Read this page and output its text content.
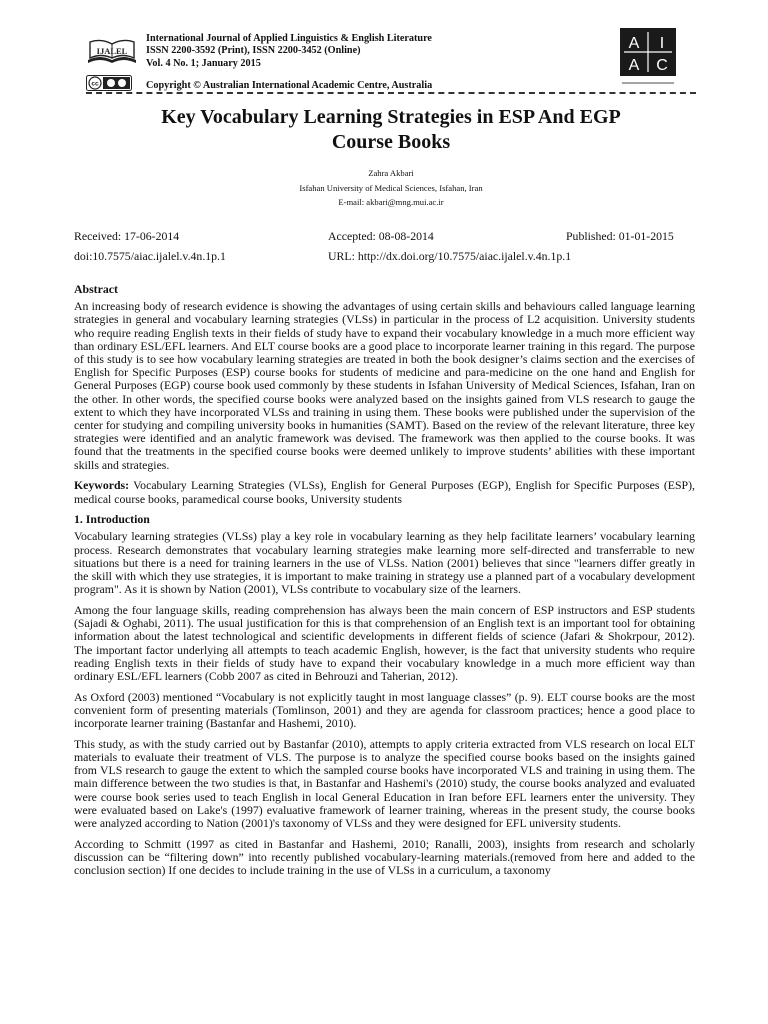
IJALEL
International Journal of Applied Linguistics & English Literature
ISSN 2200-3592 (Print), ISSN 2200-3452 (Online)
Vol. 4 No. 1; January 2015
cc	Copyright © Australian International Academic Centre, Australia
A I
A C
Key Vocabulary Learning Strategies in ESP And EGP
Course Books
Zahra Akbari
Isfahan University of Medical Sciences, Isfahan, Iran
E-mail: akbari@mng.mui.ac.ir
Received: 17-06-2014	Accepted: 08-08-2014	Published: 01-01-2015
doi:10.7575/aiac.ijalel.v.4n.1p.1	URL: http://dx.doi.org/10.7575/aiac.ijalel.v.4n.1p.1
Abstract

An increasing body of research evidence is showing the advantages of using certain skills and behaviours called language learning strategies in general and vocabulary learning strategies (VLSs) in particular in the process of L2 acquisition. University students who require reading English texts in their fields of study have to expand their vocabulary knowledge in a much more efficient way than ordinary ESL/EFL learners. And ELT course books are a good place to incorporate learner training in this regard. The purpose of this study is to see how vocabulary learning strategies are treated in both the book designer’s claims section and the exercises of English for Specific Purposes (ESP) course books for students of medicine and para-medicine on the one hand and English for General Purposes (EGP) course book used commonly by these students in Isfahan University of Medical Sciences, Isfahan, Iran on the other. In other words, the specified course books were analyzed based on the insights gained from VLS research to gauge the extent to which they have incorporated VLSs and training in using them. These books were published under the supervision of the center for studying and compiling university books in humanities (SAMT). Based on the review of the relevant literature, three key strategies were identified and an analytic framework was devised. The framework was then applied to the course books. It was found that the treatments in the specified course books were deemed unlikely to improve students’ abilities with these important skills and strategies.

Keywords: Vocabulary Learning Strategies (VLSs), English for General Purposes (EGP), English for Specific Purposes (ESP), medical course books, paramedical course books, University students

1. Introduction

Vocabulary learning strategies (VLSs) play a key role in vocabulary learning as they help facilitate learners’ vocabulary learning process. Research demonstrates that vocabulary learning strategies make learning more self-directed and transferrable to new situations but there is a need for training learners in the use of VLSs. Nation (2001) believes that since "learners differ greatly in the skill with which they use strategies, it is important to make training in strategy use a planned part of a vocabulary development program". As it is shown by Nation (2001), VLSs contribute to vocabulary size of the learners.

Among the four language skills, reading comprehension has always been the main concern of ESP instructors and ESP students (Sajadi & Oghabi, 2011). The usual justification for this is that comprehension of an English text is an important tool for obtaining information about the latest technological and scientific developments in different fields of science (Jafari & Shokrpour, 2012). The important factor underlying all attempts to teach academic English, however, is the fact that university students who require reading English texts in their fields of study have to expand their vocabulary knowledge in a much more efficient way than ordinary ESL/EFL learners (Cobb 2007 as cited in Behrouzi and Taherian, 2012).

As Oxford (2003) mentioned “Vocabulary is not explicitly taught in most language classes” (p. 9). ELT course books are the most convenient form of presenting materials (Tomlinson, 2001) and they are agenda for classroom practices; hence a good place to incorporate learner training (Bastanfar and Hashemi, 2010).

This study, as with the study carried out by Bastanfar (2010), attempts to apply criteria extracted from VLS research on local ELT materials to evaluate their treatment of VLS. The purpose is to analyze the specified course books based on the insights gained from VLS research to gauge the extent to which the sampled course books have incorporated VLS and training in using them. The main difference between the two studies is that, in Bastanfar and Hashemi's (2010) study, the course books analyzed and evaluated were course book series used to teach English in local General Education in Iran before EFL learners enter the university. They were evaluated based on Lake's (1997) evaluative framework of learner training, whereas in the present study, the course books were analyzed according to Nation (2001)'s taxonomy of VLSs and they were designed for EFL university students.

According to Schmitt (1997 as cited in Bastanfar and Hashemi, 2010; Ranalli, 2003), insights from research and scholarly discussion can be “filtering down” into recently published vocabulary-learning materials.(removed from here and added to the conclusion section) If one decides to include training in the use of VLSs in a curriculum, a taxonomy
